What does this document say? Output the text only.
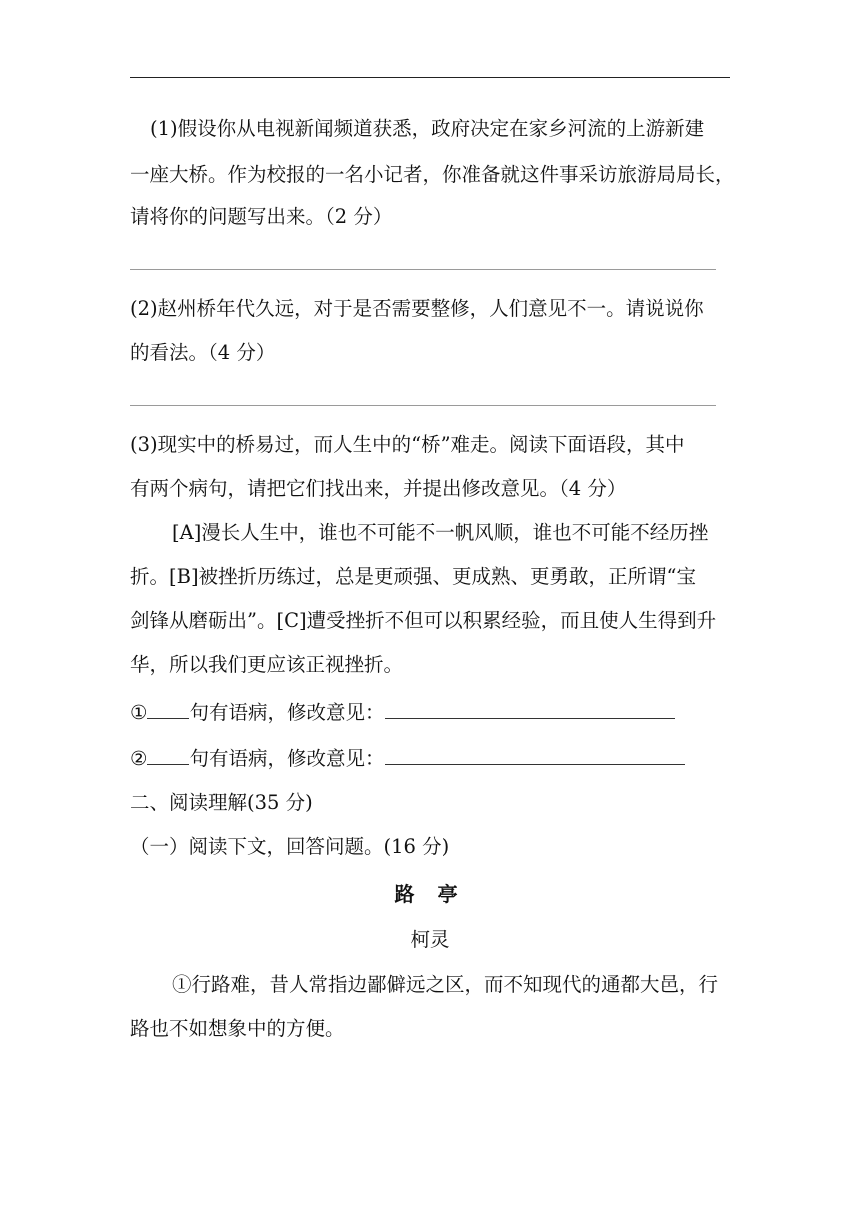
(1)假设你从电视新闻频道获悉，政府决定在家乡河流的上游新建
一座大桥。作为校报的一名小记者，你准备就这件事采访旅游局局长，
请将你的问题写出来。（2 分）
(2)赵州桥年代久远，对于是否需要整修，人们意见不一。请说说你
的看法。（4 分）
(3)现实中的桥易过，而人生中的“桥”难走。阅读下面语段，其中
有两个病句，请把它们找出来，并提出修改意见。（4 分）
[A]漫长人生中，谁也不可能不一帆风顺，谁也不可能不经历挫
折。[B]被挫折历练过，总是更顽强、更成熟、更勇敢，正所谓“宝
剑锋从磨砺出”。[C]遭受挫折不但可以积累经验，而且使人生得到升
华，所以我们更应该正视挫折。
① 句有语病，修改意见：
② 句有语病，修改意见：
二、阅读理解(35 分)
（一）阅读下文，回答问题。(16 分)
路 亭
柯灵
①行路难，昔人常指边鄙僻远之区，而不知现代的通都大邑，行
路也不如想象中的方便。
